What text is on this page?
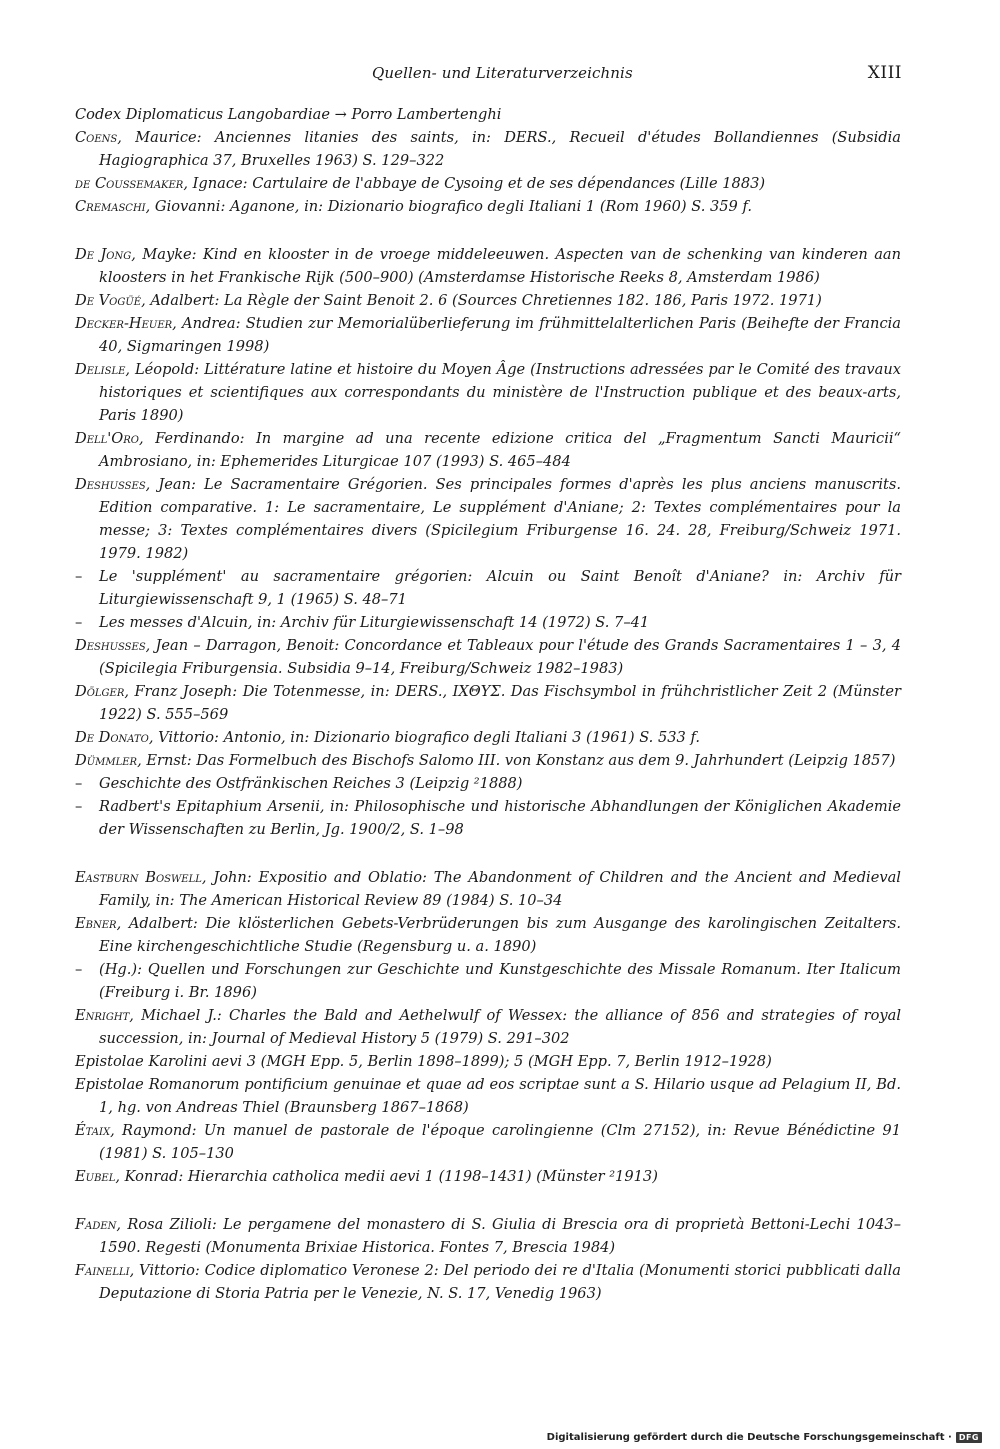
Quellen- und Literaturverzeichnis	XIII
Codex Diplomaticus Langobardiae → Porro Lambertenghi
Coens, Maurice: Anciennes litanies des saints, in: DERS., Recueil d'études Bollandiennes (Subsidia Hagiographica 37, Bruxelles 1963) S. 129–322
de Coussemaker, Ignace: Cartulaire de l'abbaye de Cysoing et de ses dépendances (Lille 1883)
Cremaschi, Giovanni: Aganone, in: Dizionario biografico degli Italiani 1 (Rom 1960) S. 359 f.
De Jong, Mayke: Kind en klooster in de vroege middeleeuwen. Aspecten van de schenking van kinderen aan kloosters in het Frankische Rijk (500–900) (Amsterdamse Historische Reeks 8, Amsterdam 1986)
De Vogüé, Adalbert: La Règle der Saint Benoit 2. 6 (Sources Chretiennes 182. 186, Paris 1972. 1971)
Decker-Heuer, Andrea: Studien zur Memorialüberlieferung im frühmittelalterlichen Paris (Beihefte der Francia 40, Sigmaringen 1998)
Delisle, Léopold: Littérature latine et histoire du Moyen Âge (Instructions adressées par le Comité des travaux historiques et scientifiques aux correspondants du ministère de l'Instruction publique et des beaux-arts, Paris 1890)
Dell'Oro, Ferdinando: In margine ad una recente edizione critica del „Fragmentum Sancti Mauricii“ Ambrosiano, in: Ephemerides Liturgicae 107 (1993) S. 465–484
Deshusses, Jean: Le Sacramentaire Grégorien. Ses principales formes d'après les plus anciens manuscrits. Edition comparative. 1: Le sacramentaire, Le supplément d'Aniane; 2: Textes complémentaires pour la messe; 3: Textes complémentaires divers (Spicilegium Friburgense 16. 24. 28, Freiburg/Schweiz 1971. 1979. 1982)
– Le 'supplément' au sacramentaire grégorien: Alcuin ou Saint Benoît d'Aniane? in: Archiv für Liturgiewissenschaft 9, 1 (1965) S. 48–71
– Les messes d'Alcuin, in: Archiv für Liturgiewissenschaft 14 (1972) S. 7–41
Deshusses, Jean – Darragon, Benoit: Concordance et Tableaux pour l'étude des Grands Sacramentaires 1 – 3, 4 (Spicilegia Friburgensia. Subsidia 9–14, Freiburg/Schweiz 1982–1983)
Dölger, Franz Joseph: Die Totenmesse, in: DERS., ΙΧΘΥΣ. Das Fischsymbol in frühchristlicher Zeit 2 (Münster 1922) S. 555–569
De Donato, Vittorio: Antonio, in: Dizionario biografico degli Italiani 3 (1961) S. 533 f.
Dümmler, Ernst: Das Formelbuch des Bischofs Salomo III. von Konstanz aus dem 9. Jahrhundert (Leipzig 1857)
– Geschichte des Ostfränkischen Reiches 3 (Leipzig ²1888)
– Radbert's Epitaphium Arsenii, in: Philosophische und historische Abhandlungen der Königlichen Akademie der Wissenschaften zu Berlin, Jg. 1900/2, S. 1–98
Eastburn Boswell, John: Expositio and Oblatio: The Abandonment of Children and the Ancient and Medieval Family, in: The American Historical Review 89 (1984) S. 10–34
Ebner, Adalbert: Die klösterlichen Gebets-Verbrüderungen bis zum Ausgange des karolingischen Zeitalters. Eine kirchengeschichtliche Studie (Regensburg u. a. 1890)
– (Hg.): Quellen und Forschungen zur Geschichte und Kunstgeschichte des Missale Romanum. Iter Italicum (Freiburg i. Br. 1896)
Enright, Michael J.: Charles the Bald and Aethelwulf of Wessex: the alliance of 856 and strategies of royal succession, in: Journal of Medieval History 5 (1979) S. 291–302
Epistolae Karolini aevi 3 (MGH Epp. 5, Berlin 1898–1899); 5 (MGH Epp. 7, Berlin 1912–1928)
Epistolae Romanorum pontificium genuinae et quae ad eos scriptae sunt a S. Hilario usque ad Pelagium II, Bd. 1, hg. von Andreas Thiel (Braunsberg 1867–1868)
Étaix, Raymond: Un manuel de pastorale de l'époque carolingienne (Clm 27152), in: Revue Bénédictine 91 (1981) S. 105–130
Eubel, Konrad: Hierarchia catholica medii aevi 1 (1198–1431) (Münster ²1913)
Faden, Rosa Zilioli: Le pergamene del monastero di S. Giulia di Brescia ora di proprietà Bettoni-Lechi 1043–1590. Regesti (Monumenta Brixiae Historica. Fontes 7, Brescia 1984)
Fainelli, Vittorio: Codice diplomatico Veronese 2: Del periodo dei re d'Italia (Monumenti storici pubblicati dalla Deputazione di Storia Patria per le Venezie, N. S. 17, Venedig 1963)
Digitalisierung gefördert durch die Deutsche Forschungsgemeinschaft · DFG
